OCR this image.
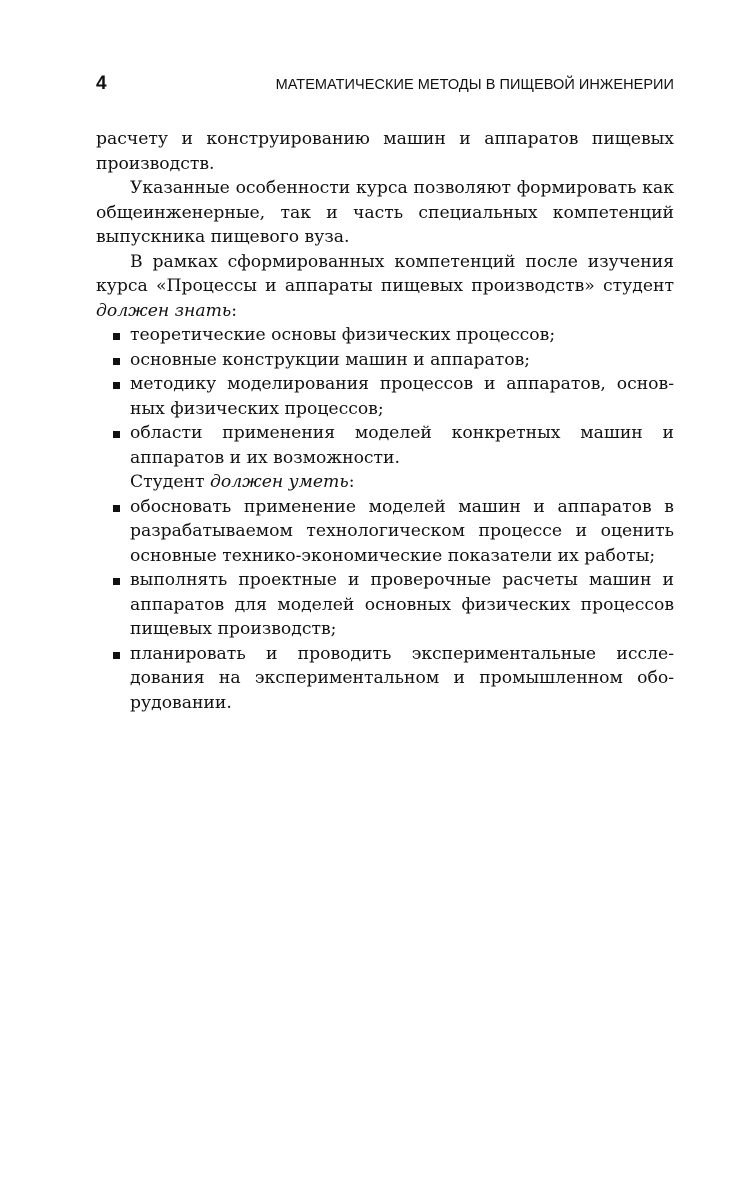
4	МАТЕМАТИЧЕСКИЕ МЕТОДЫ В ПИЩЕВОЙ ИНЖЕНЕРИИ

расчету и конструированию машин и аппаратов пищевых производств.

Указанные особенности курса позволяют формировать как общеинженерные, так и часть специальных компетенций выпускника пищевого вуза.

В рамках сформированных компетенций после изучения курса «Процессы и аппараты пищевых производств» студент должен знать:

теоретические основы физических процессов;
основные конструкции машин и аппаратов;
методику моделирования процессов и аппаратов, основных физических процессов;
области применения моделей конкретных машин и аппаратов и их возможности.

Студент должен уметь:

обосновать применение моделей машин и аппаратов в разрабатываемом технологическом процессе и оценить основные технико-экономические показатели их работы;
выполнять проектные и проверочные расчеты машин и аппаратов для моделей основных физических процессов пищевых производств;
планировать и проводить экспериментальные исследования на экспериментальном и промышленном оборудовании.
